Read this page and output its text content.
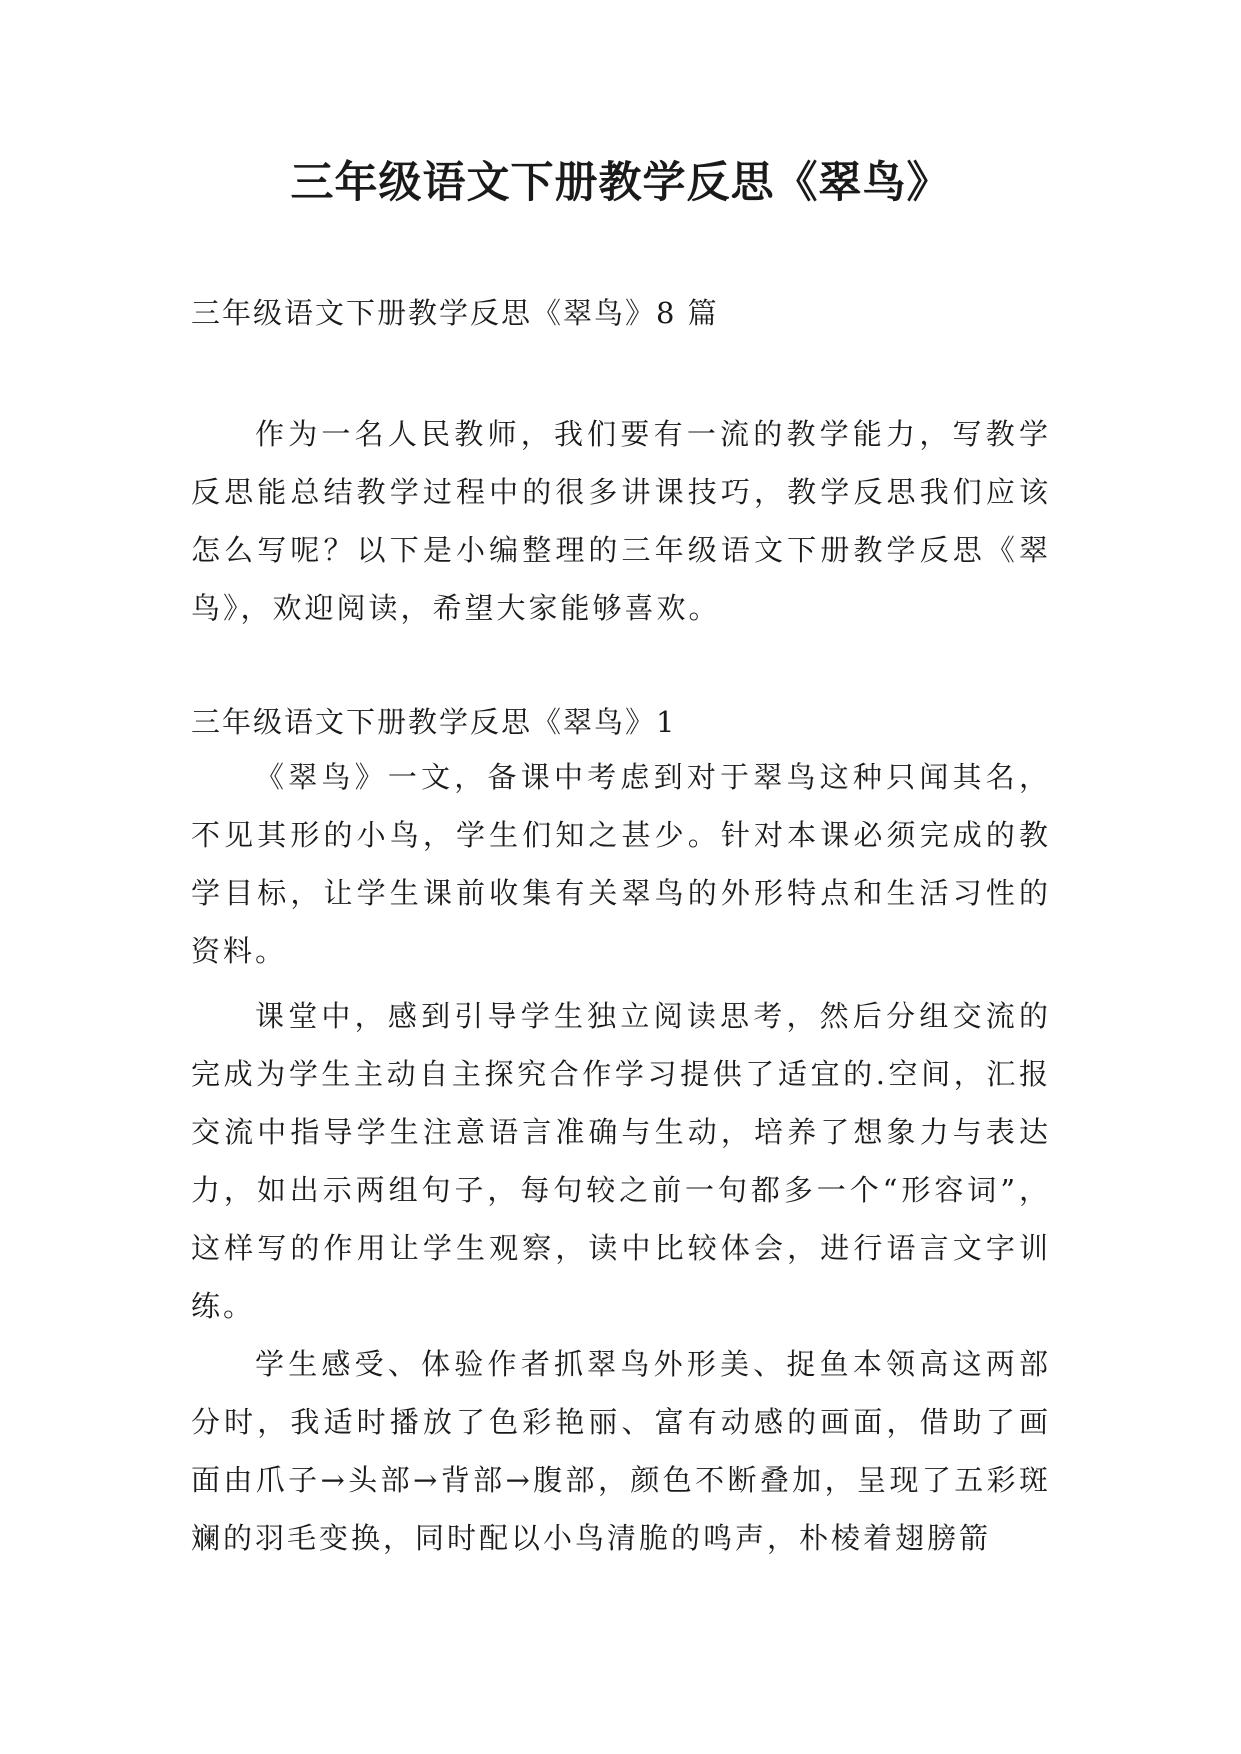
三年级语文下册教学反思《翠鸟》

三年级语文下册教学反思《翠鸟》8 篇

作为一名人民教师，我们要有一流的教学能力，写教学反思能总结教学过程中的很多讲课技巧，教学反思我们应该怎么写呢？以下是小编整理的三年级语文下册教学反思《翠鸟》，欢迎阅读，希望大家能够喜欢。

三年级语文下册教学反思《翠鸟》1

《翠鸟》一文，备课中考虑到对于翠鸟这种只闻其名，不见其形的小鸟，学生们知之甚少。针对本课必须完成的教学目标，让学生课前收集有关翠鸟的外形特点和生活习性的资料。

课堂中，感到引导学生独立阅读思考，然后分组交流的完成为学生主动自主探究合作学习提供了适宜的.空间，汇报交流中指导学生注意语言准确与生动，培养了想象力与表达力，如出示两组句子，每句较之前一句都多一个“形容词”，这样写的作用让学生观察，读中比较体会，进行语言文字训练。

学生感受、体验作者抓翠鸟外形美、捉鱼本领高这两部分时，我适时播放了色彩艳丽、富有动感的画面，借助了画面由爪子→头部→背部→腹部，颜色不断叠加，呈现了五彩斑斓的羽毛变换，同时配以小鸟清脆的鸣声，朴棱着翅膀箭
